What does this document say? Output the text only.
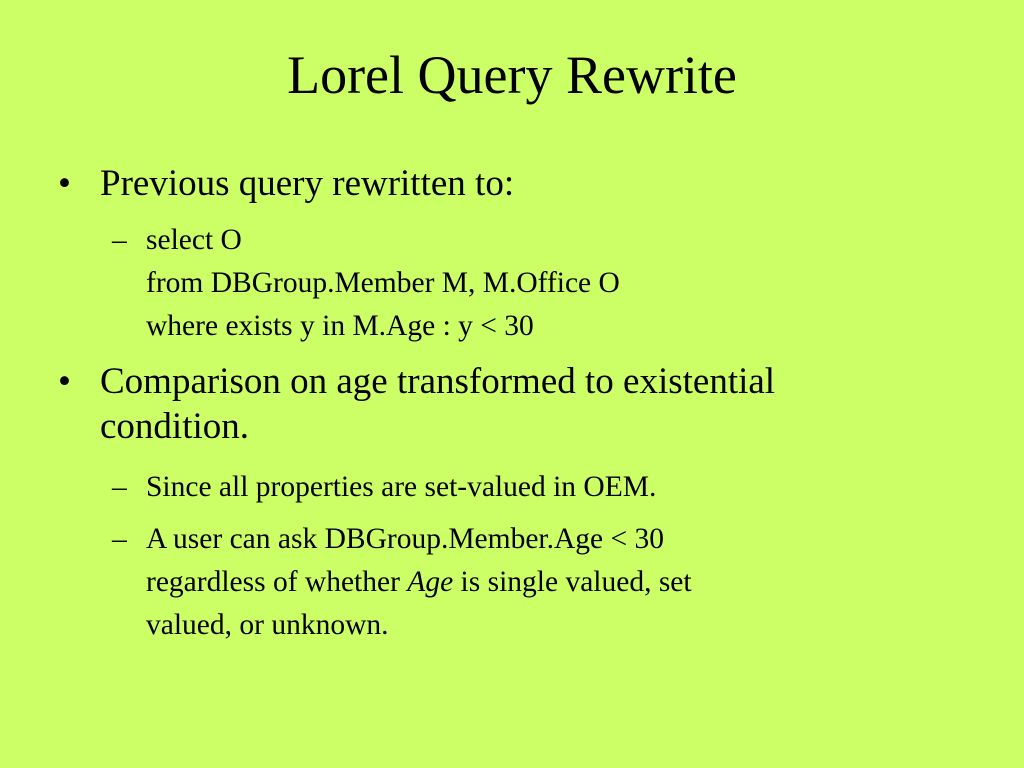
Lorel Query Rewrite
• Previous query rewritten to:
– select O
from DBGroup.Member M, M.Office O
where exists y in M.Age : y < 30
• Comparison on age transformed to existential
condition.
– Since all properties are set-valued in OEM.
– A user can ask DBGroup.Member.Age < 30
regardless of whether Age is single valued, set
valued, or unknown.
